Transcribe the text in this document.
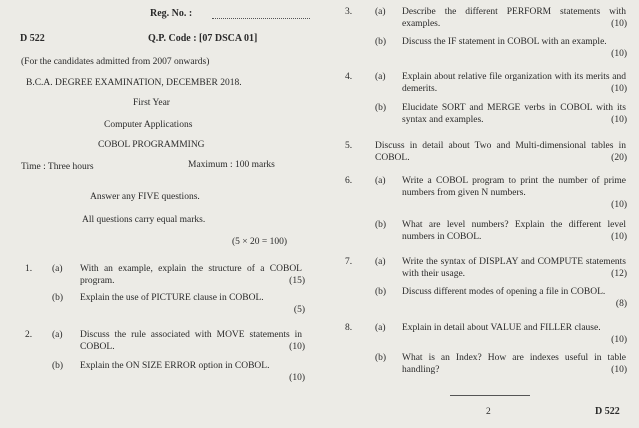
Reg. No. :
D 522	Q.P. Code : [07 DSCA 01]
(For the candidates admitted from 2007 onwards)
B.C.A. DEGREE EXAMINATION, DECEMBER 2018.
First Year
Computer Applications
COBOL PROGRAMMING
Time : Three hours	Maximum : 100 marks
Answer any FIVE questions.
All questions carry equal marks.
(5 × 20 = 100)
1. (a) With an example, explain the structure of a COBOL program.	(15)
(b) Explain the use of PICTURE clause in COBOL.
(5)
2. (a) Discuss the rule associated with MOVE statements in COBOL.	(10)
(b) Explain the ON SIZE ERROR option in COBOL.
(10)
3. (a) Describe the different PERFORM statements with examples.	(10)
(b) Discuss the IF statement in COBOL with an example.
(10)
4. (a) Explain about relative file organization with its merits and demerits.	(10)
(b) Elucidate SORT and MERGE verbs in COBOL with its syntax and examples.	(10)
5. Discuss in detail about Two and Multi-dimensional tables in COBOL.	(20)
6. (a) Write a COBOL program to print the number of prime numbers from given N numbers.
(10)
(b) What are level numbers? Explain the different level numbers in COBOL.	(10)
7. (a) Write the syntax of DISPLAY and COMPUTE statements with their usage.	(12)
(b) Discuss different modes of opening a file in COBOL.
(8)
8. (a) Explain in detail about VALUE and FILLER clause.
(10)
(b) What is an Index? How are indexes useful in table handling?	(10)
2	D 522
